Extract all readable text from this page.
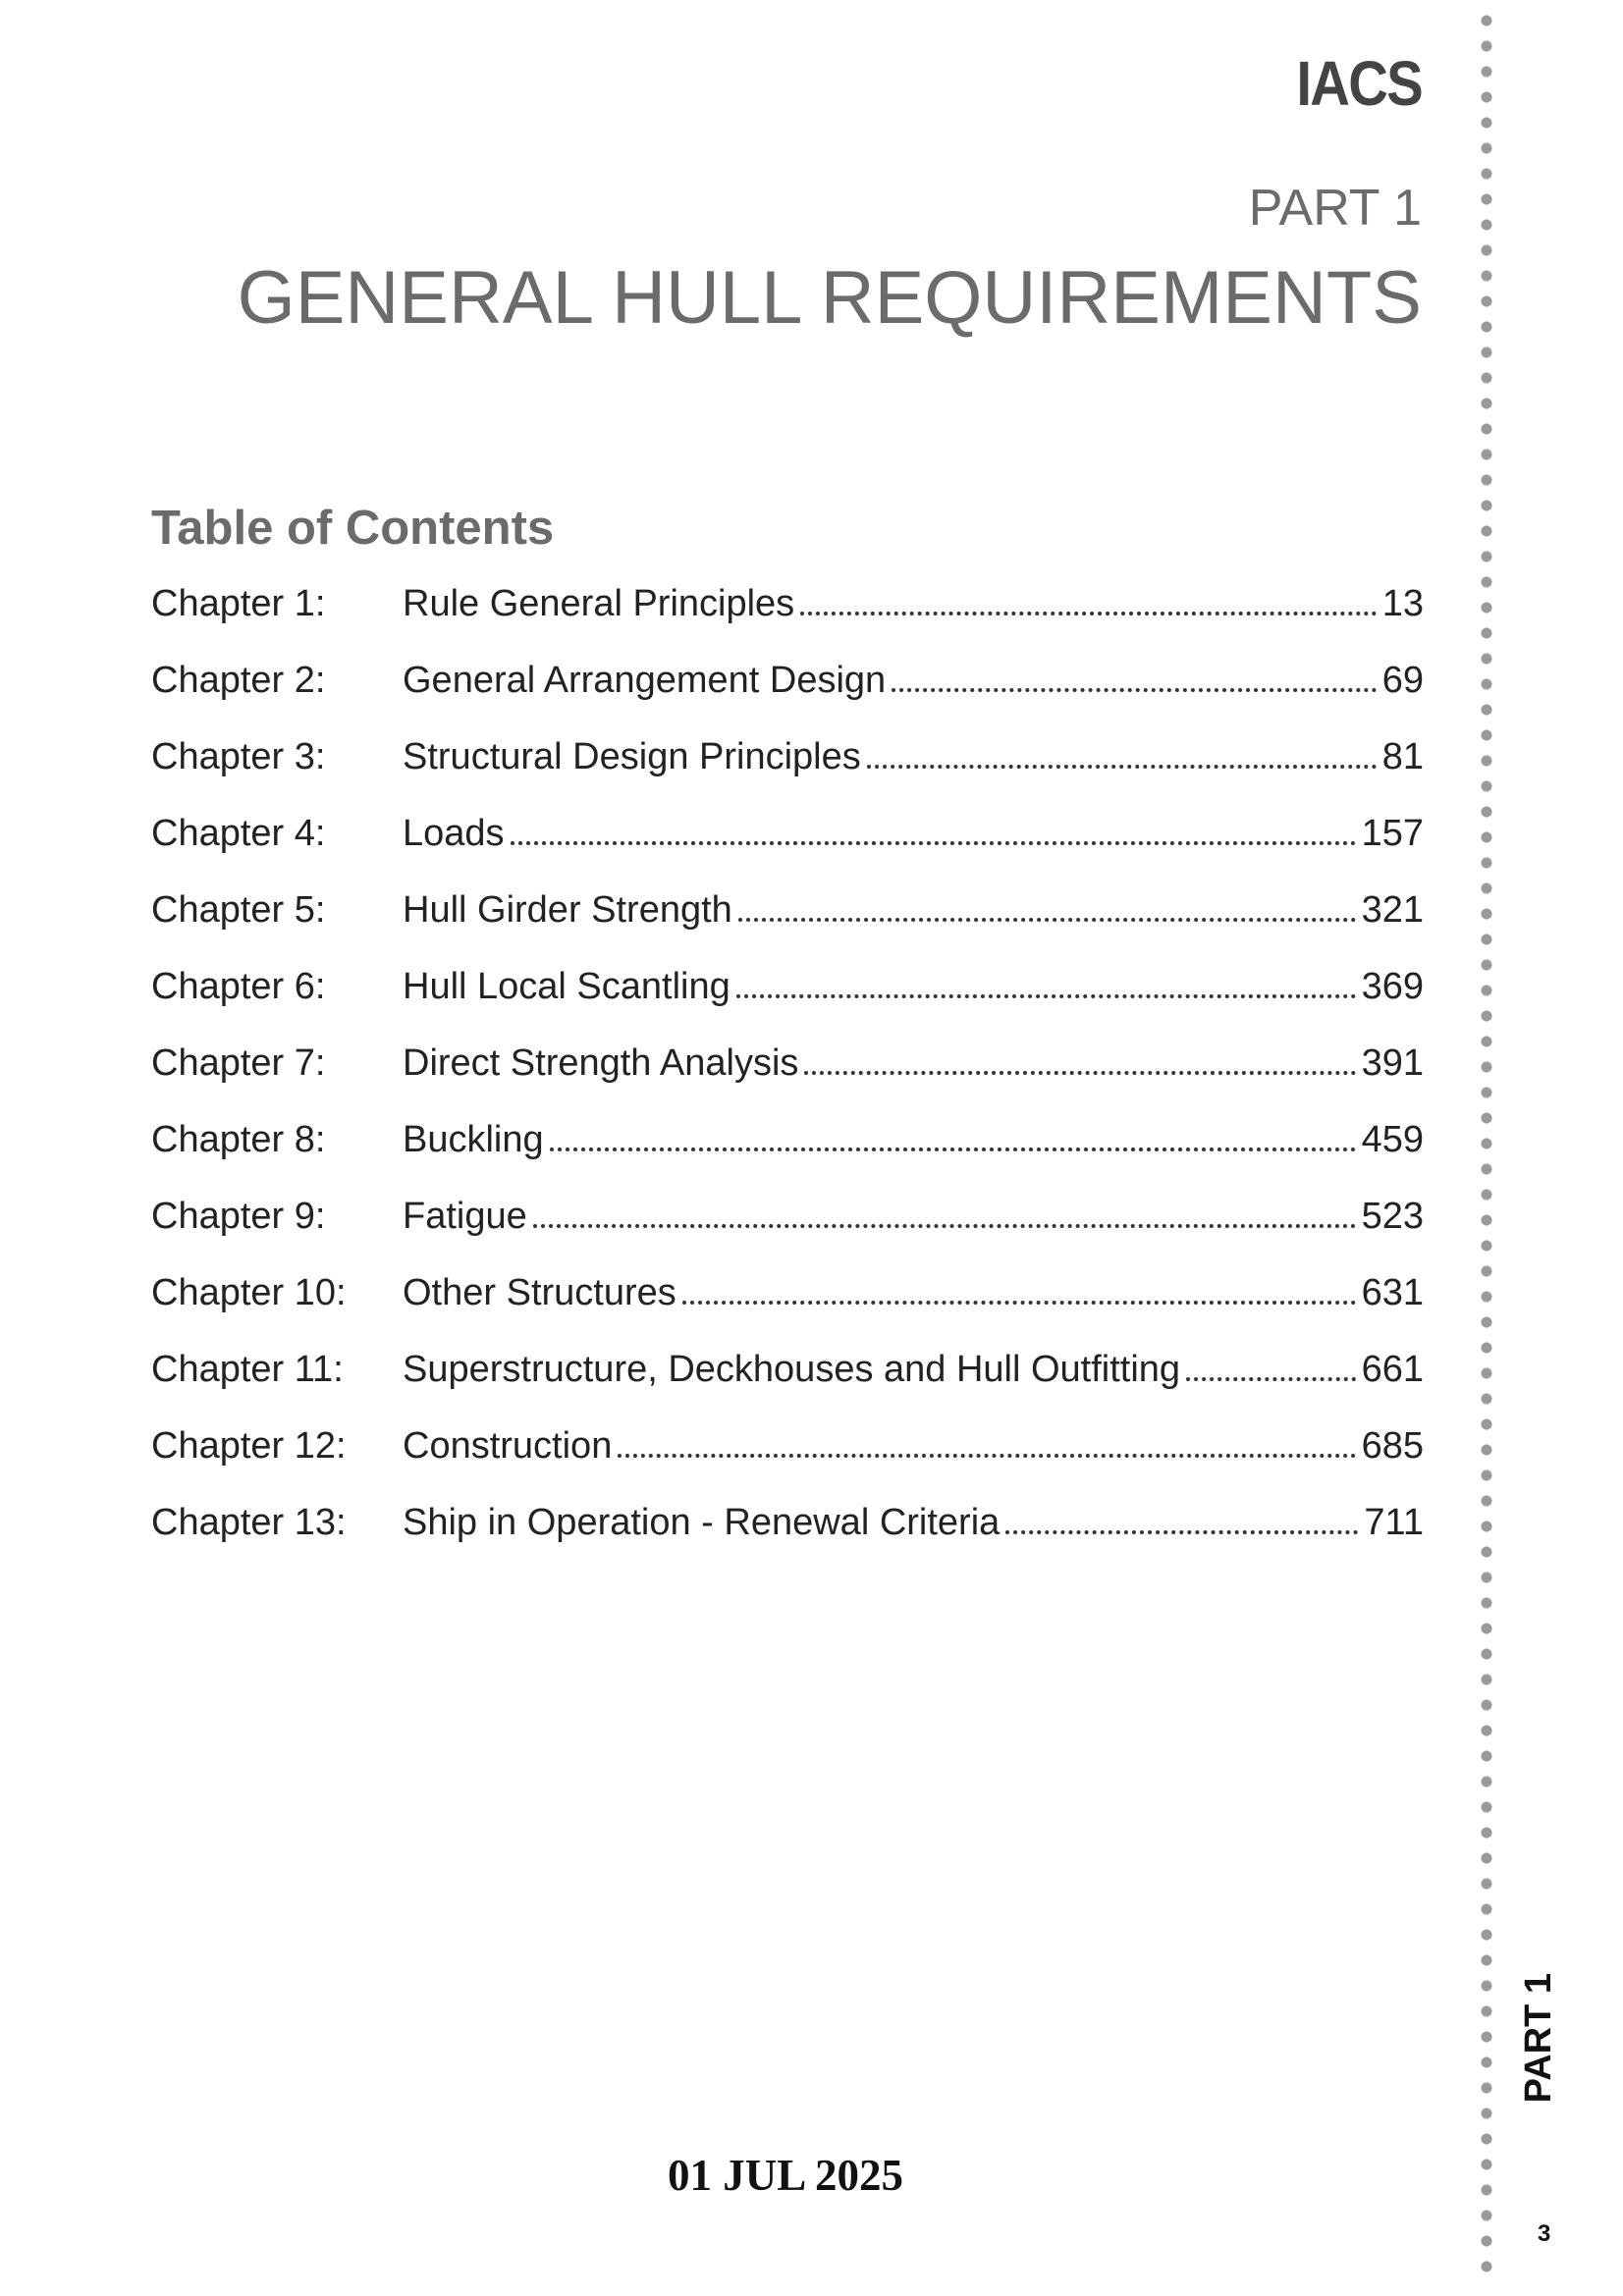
IACS
PART 1
GENERAL HULL REQUIREMENTS
Table of Contents
Chapter 1:	Rule General Principles	13
Chapter 2:	General Arrangement Design	69
Chapter 3:	Structural Design Principles	81
Chapter 4:	Loads	157
Chapter 5:	Hull Girder Strength	321
Chapter 6:	Hull Local Scantling	369
Chapter 7:	Direct Strength Analysis	391
Chapter 8:	Buckling	459
Chapter 9:	Fatigue	523
Chapter 10:	Other Structures	631
Chapter 11:	Superstructure, Deckhouses and Hull Outfitting	661
Chapter 12:	Construction	685
Chapter 13:	Ship in Operation - Renewal Criteria	711
01 JUL 2025
PART 1
3
